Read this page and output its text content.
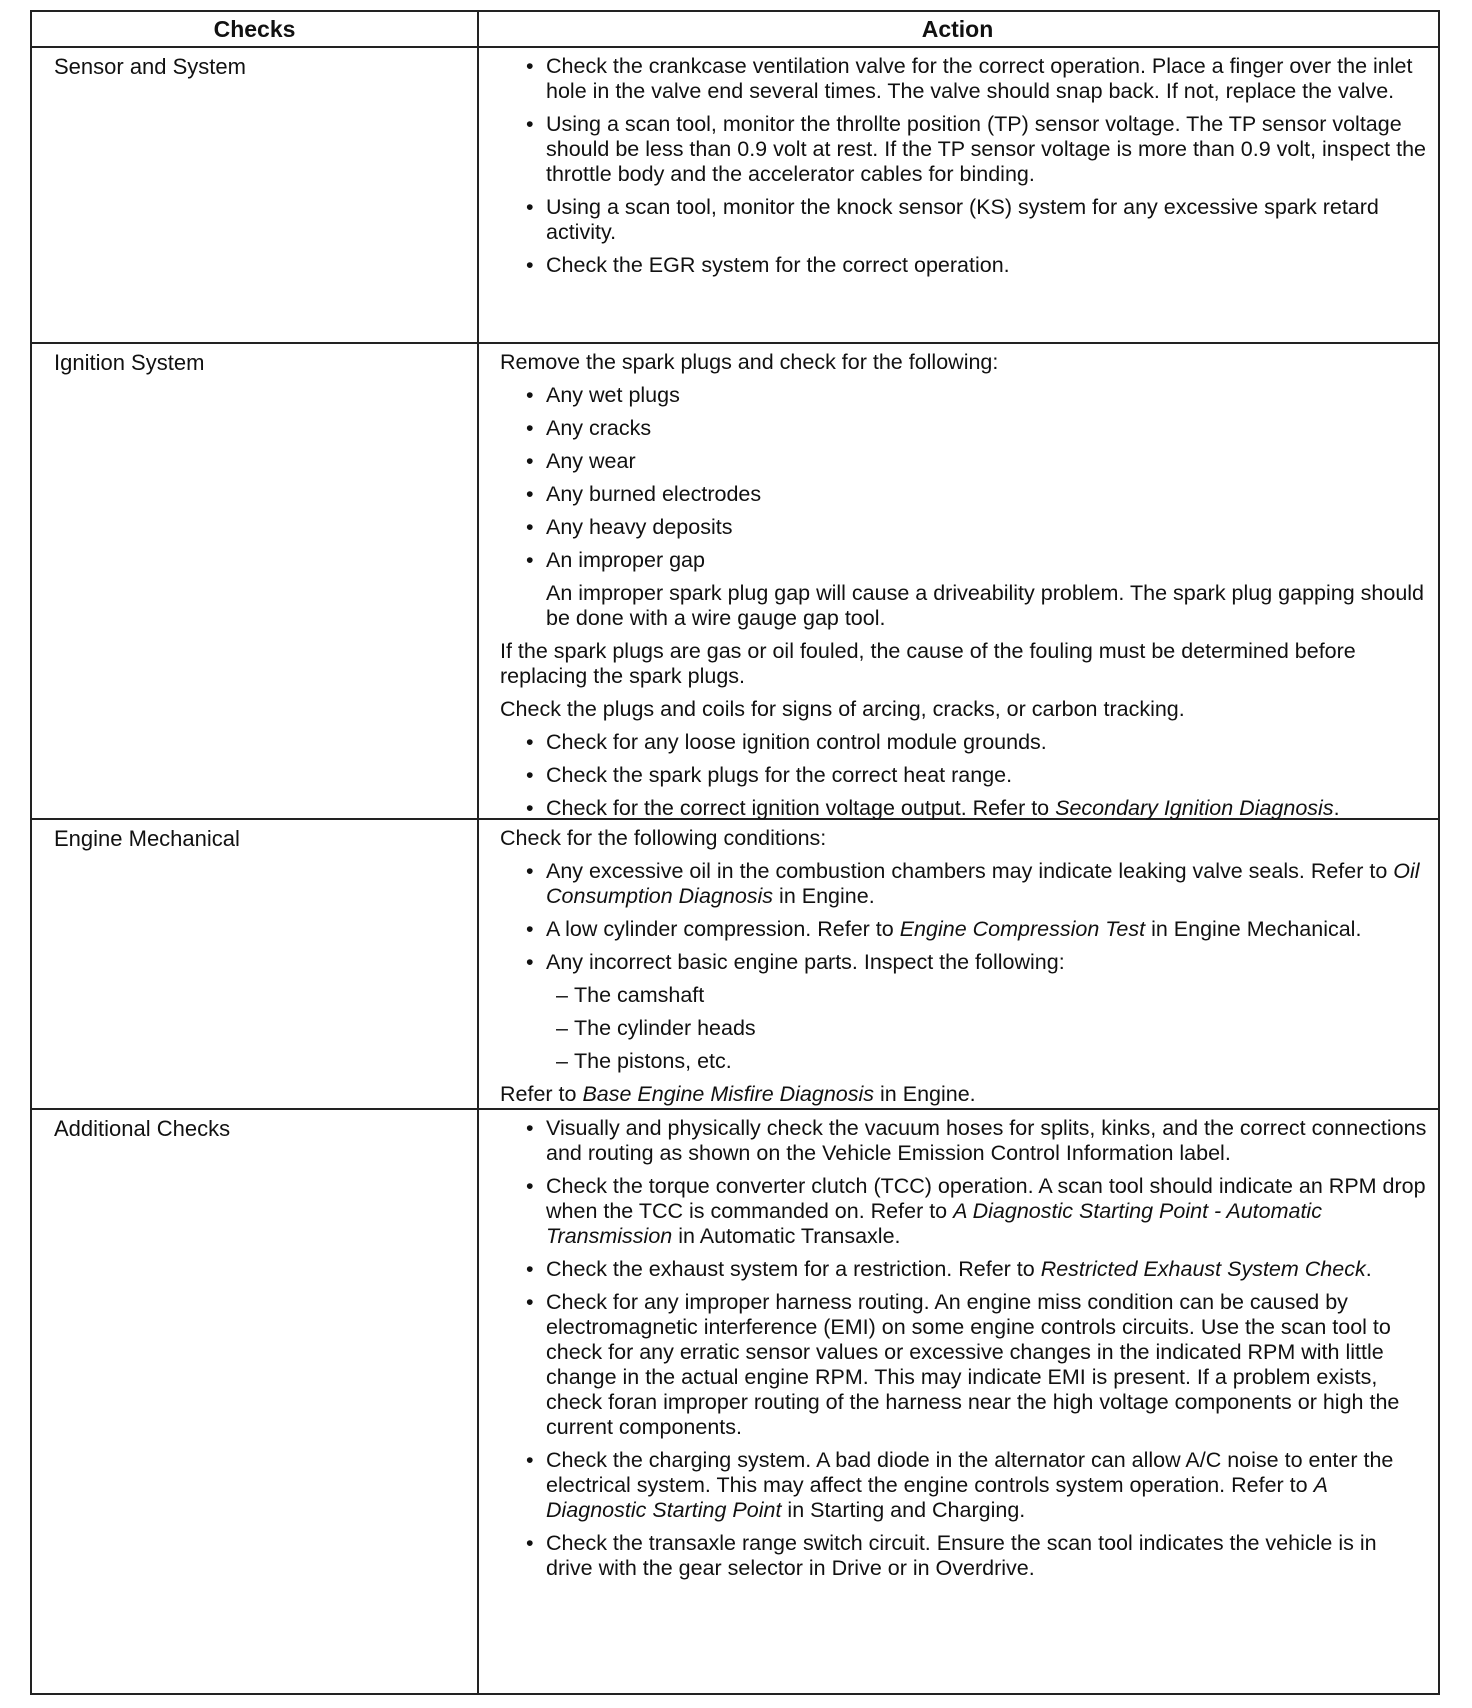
Checks	Action
Sensor and System	• Check the crankcase ventilation valve for the correct operation. Place a finger over the inlet hole in the valve end several times. The valve should snap back. If not, replace the valve.
• Using a scan tool, monitor the throllte position (TP) sensor voltage. The TP sensor voltage should be less than 0.9 volt at rest. If the TP sensor voltage is more than 0.9 volt, inspect the throttle body and the accelerator cables for binding.
• Using a scan tool, monitor the knock sensor (KS) system for any excessive spark retard activity.
• Check the EGR system for the correct operation.
Ignition System	Remove the spark plugs and check for the following:

• Any wet plugs
• Any cracks
• Any wear
• Any burned electrodes
• Any heavy deposits
• An improper gap

An improper spark plug gap will cause a driveability problem. The spark plug gapping should be done with a wire gauge gap tool.

If the spark plugs are gas or oil fouled, the cause of the fouling must be determined before replacing the spark plugs.

Check the plugs and coils for signs of arcing, cracks, or carbon tracking.

• Check for any loose ignition control module grounds.
• Check the spark plugs for the correct heat range.
• Check for the correct ignition voltage output. Refer to Secondary Ignition Diagnosis.
Engine Mechanical	Check for the following conditions:

• Any excessive oil in the combustion chambers may indicate leaking valve seals. Refer to Oil Consumption Diagnosis in Engine.
• A low cylinder compression. Refer to Engine Compression Test in Engine Mechanical.
• Any incorrect basic engine parts. Inspect the following:
– The camshaft
– The cylinder heads
– The pistons, etc.

Refer to Base Engine Misfire Diagnosis in Engine.

Additional Checks	• Visually and physically check the vacuum hoses for splits, kinks, and the correct connections and routing as shown on the Vehicle Emission Control Information label.
• Check the torque converter clutch (TCC) operation. A scan tool should indicate an RPM drop when the TCC is commanded on. Refer to A Diagnostic Starting Point - Automatic Transmission in Automatic Transaxle.
• Check the exhaust system for a restriction. Refer to Restricted Exhaust System Check.
• Check for any improper harness routing. An engine miss condition can be caused by electromagnetic interference (EMI) on some engine controls circuits. Use the scan tool to check for any erratic sensor values or excessive changes in the indicated RPM with little change in the actual engine RPM. This may indicate EMI is present. If a problem exists, check foran improper routing of the harness near the high voltage components or high the current components.
• Check the charging system. A bad diode in the alternator can allow A/C noise to enter the electrical system. This may affect the engine controls system operation. Refer to A Diagnostic Starting Point in Starting and Charging.
• Check the transaxle range switch circuit. Ensure the scan tool indicates the vehicle is in drive with the gear selector in Drive or in Overdrive.
